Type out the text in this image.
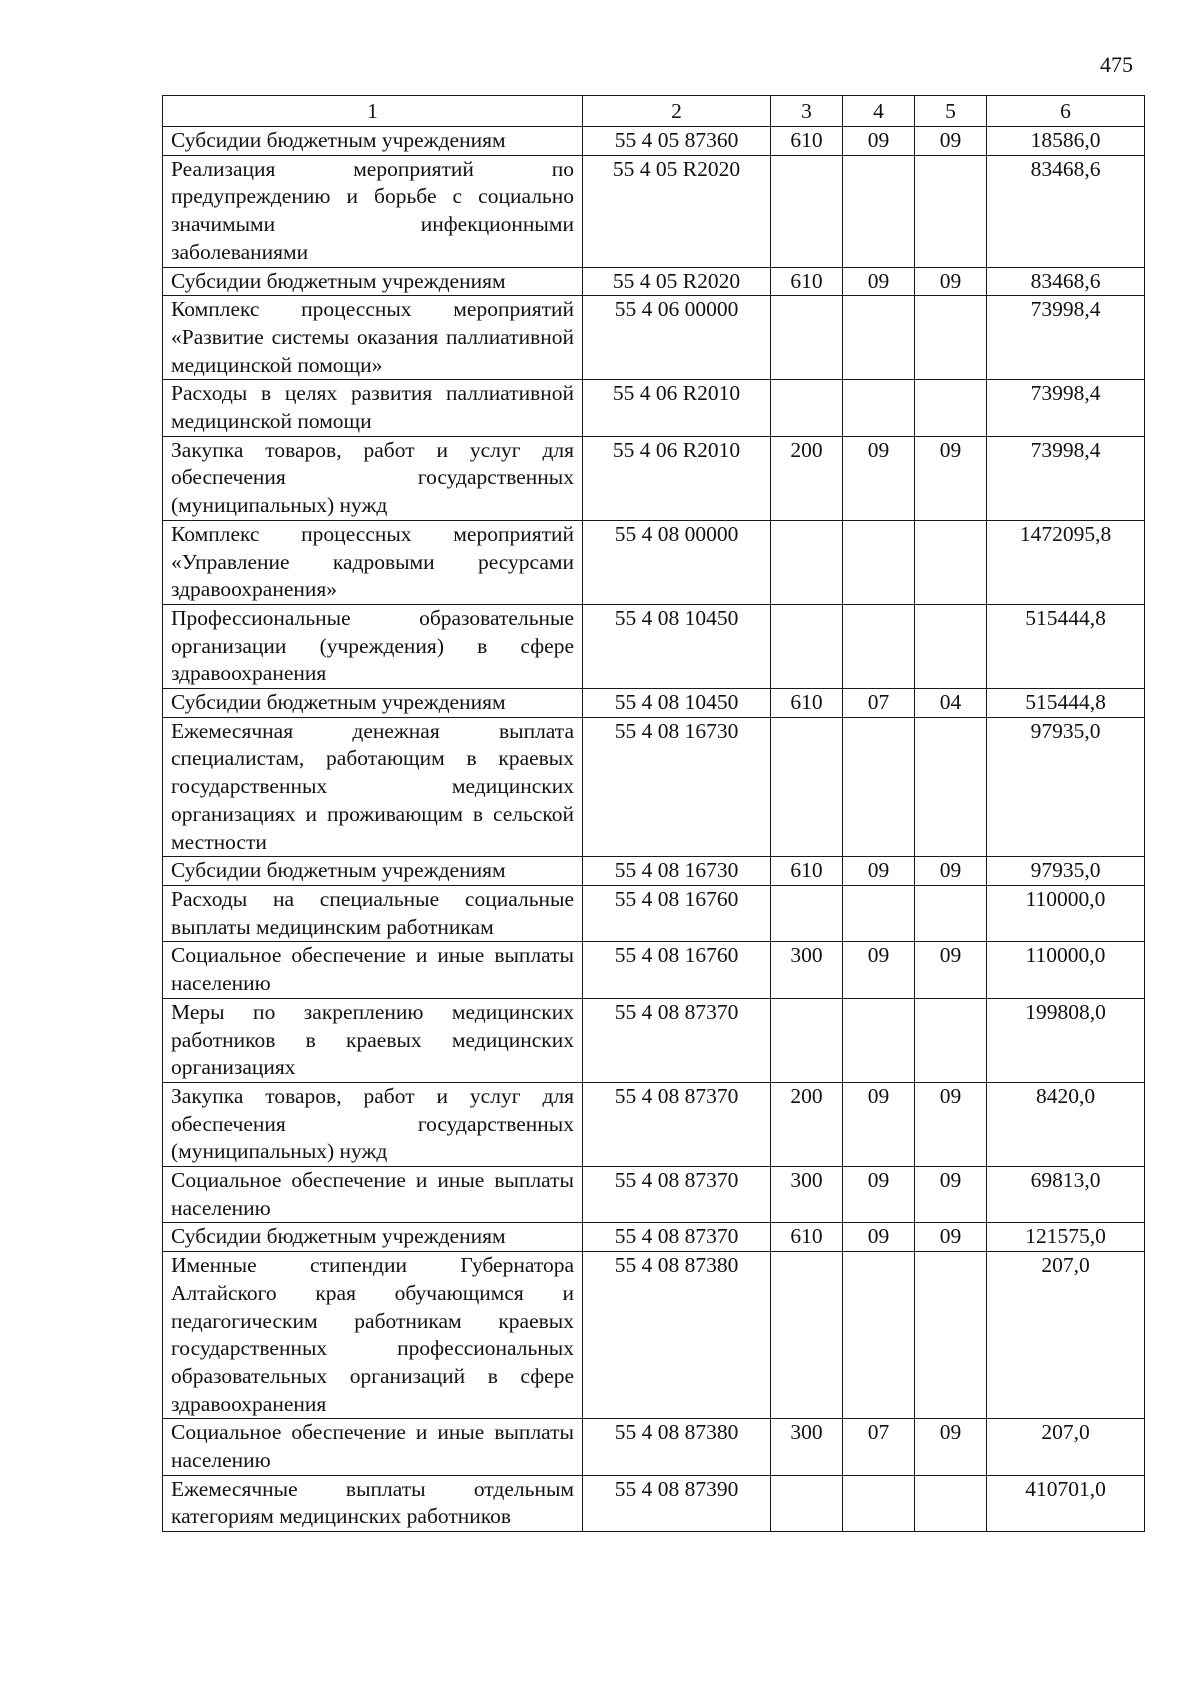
475
1	2	3	4	5	6
Субсидии бюджетным учреждениям	55 4 05 87360	610	09	09	18586,0
Реализация мероприятий по предупреждению и борьбе с социально значимыми инфекционными заболеваниями	55 4 05 R2020				83468,6
Субсидии бюджетным учреждениям	55 4 05 R2020	610	09	09	83468,6
Комплекс процессных мероприятий «Развитие системы оказания паллиативной медицинской помощи»	55 4 06 00000				73998,4
Расходы в целях развития паллиативной медицинской помощи	55 4 06 R2010				73998,4
Закупка товаров, работ и услуг для обеспечения государственных (муниципальных) нужд	55 4 06 R2010	200	09	09	73998,4
Комплекс процессных мероприятий «Управление кадровыми ресурсами здравоохранения»	55 4 08 00000				1472095,8
Профессиональные образовательные организации (учреждения) в сфере здравоохранения	55 4 08 10450				515444,8
Субсидии бюджетным учреждениям	55 4 08 10450	610	07	04	515444,8
Ежемесячная денежная выплата специалистам, работающим в краевых государственных медицинских организациях и проживающим в сельской местности	55 4 08 16730				97935,0
Субсидии бюджетным учреждениям	55 4 08 16730	610	09	09	97935,0
Расходы на специальные социальные выплаты медицинским работникам	55 4 08 16760				110000,0
Социальное обеспечение и иные выплаты населению	55 4 08 16760	300	09	09	110000,0
Меры по закреплению медицинских работников в краевых медицинских организациях	55 4 08 87370				199808,0
Закупка товаров, работ и услуг для обеспечения государственных (муниципальных) нужд	55 4 08 87370	200	09	09	8420,0
Социальное обеспечение и иные выплаты населению	55 4 08 87370	300	09	09	69813,0
Субсидии бюджетным учреждениям	55 4 08 87370	610	09	09	121575,0
Именные стипендии Губернатора Алтайского края обучающимся и педагогическим работникам краевых государственных профессиональных образовательных организаций в сфере здравоохранения	55 4 08 87380				207,0
Социальное обеспечение и иные выплаты населению	55 4 08 87380	300	07	09	207,0
Ежемесячные выплаты отдельным категориям медицинских работников	55 4 08 87390				410701,0
